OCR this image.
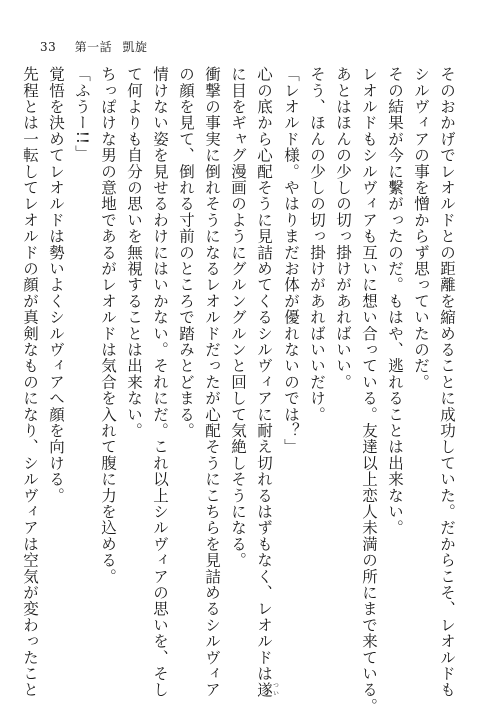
33 第一話 凱旋
そのおかげでレオルドとの距離を縮めることに成功していた。だからこそ、レオルドも
シルヴィアの事を憎からず思っていたのだ。
その結果が今に繫がったのだ。もはや、逃れることは出来ない。
レオルドもシルヴィアも互いに想い合っている。友達以上恋人未満の所にまで来ている。
あとはほんの少しの切っ掛けがあればいい。
そう、ほんの少しの切っ掛けがあればいいだけ。
「レオルド様。やはりまだお体が優れないのでは？」
心の底から心配そうに見詰めてくるシルヴィアに耐え切れるはずもなく、レオルドは遂つい
に目をギャグ漫画のようにグルングルンと回して気絶しそうになる。
衝撃の事実に倒れそうになるレオルドだったが心配そうにこちらを見詰めるシルヴィア
の顔を見て、倒れる寸前のところで踏みとどまる。
情けない姿を見せるわけにはいかない。それにだ。これ以上シルヴィアの思いを、そし
て何よりも自分の思いを無視することは出来ない。
ちっぽけな男の意地であるがレオルドは気合を入れて腹に力を込める。
「ふうー!!」
覚悟を決めてレオルドは勢いよくシルヴィアへ顔を向ける。
先程とは一転してレオルドの顔が真剣なものになり、シルヴィアは空気が変わったこと
